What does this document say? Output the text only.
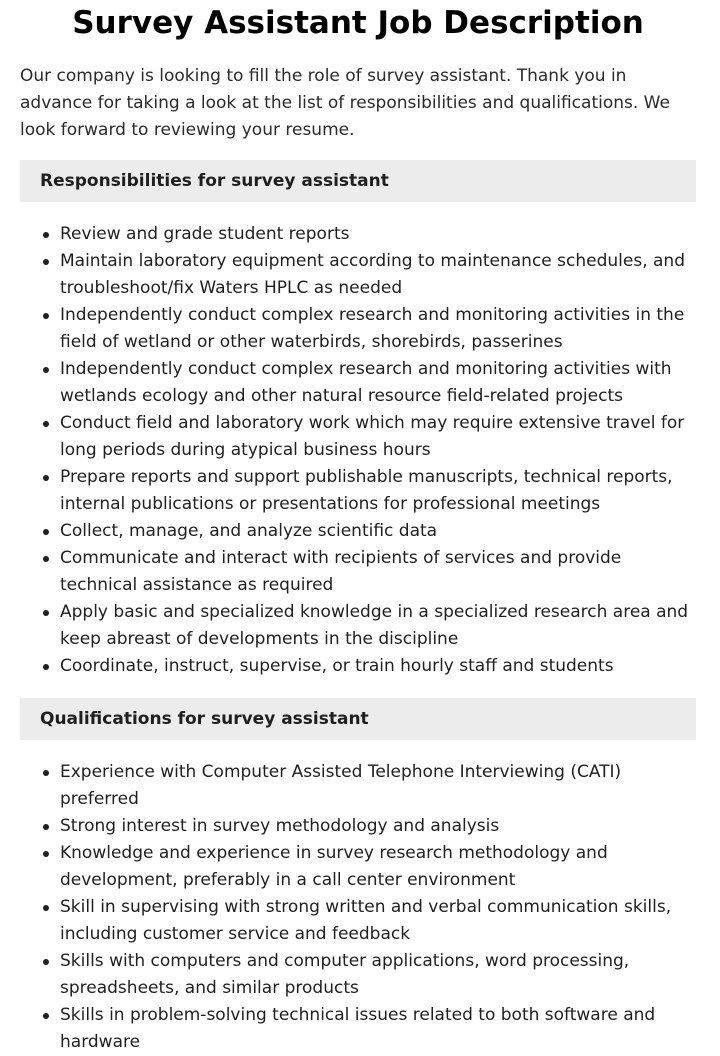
Survey Assistant Job Description

Our company is looking to fill the role of survey assistant. Thank you in advance for taking a look at the list of responsibilities and qualifications. We look forward to reviewing your resume.

Responsibilities for survey assistant
Review and grade student reports
Maintain laboratory equipment according to maintenance schedules, and troubleshoot/fix Waters HPLC as needed
Independently conduct complex research and monitoring activities in the field of wetland or other waterbirds, shorebirds, passerines
Independently conduct complex research and monitoring activities with wetlands ecology and other natural resource field-related projects
Conduct field and laboratory work which may require extensive travel for long periods during atypical business hours
Prepare reports and support publishable manuscripts, technical reports, internal publications or presentations for professional meetings
Collect, manage, and analyze scientific data
Communicate and interact with recipients of services and provide technical assistance as required
Apply basic and specialized knowledge in a specialized research area and keep abreast of developments in the discipline
Coordinate, instruct, supervise, or train hourly staff and students
Qualifications for survey assistant
Experience with Computer Assisted Telephone Interviewing (CATI) preferred
Strong interest in survey methodology and analysis
Knowledge and experience in survey research methodology and development, preferably in a call center environment
Skill in supervising with strong written and verbal communication skills, including customer service and feedback
Skills with computers and computer applications, word processing, spreadsheets, and similar products
Skills in problem-solving technical issues related to both software and hardware
